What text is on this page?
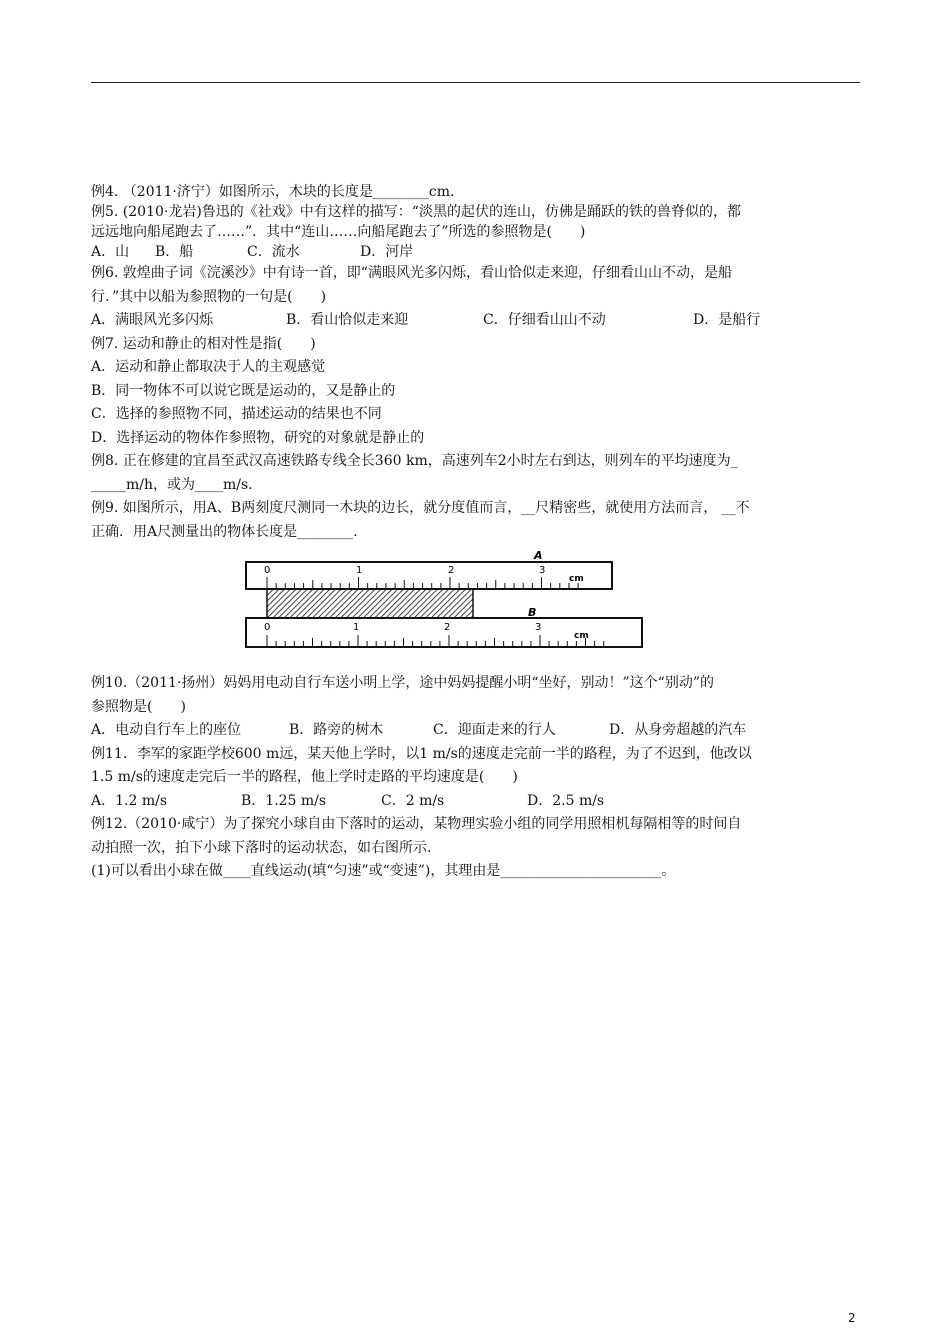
例4. （2011·济宁）如图所示，木块的长度是________cm.
例5. (2010·龙岩)鲁迅的《社戏》中有这样的描写：“淡黑的起伏的连山，仿佛是踊跃的铁的兽脊似的，都
远远地向船尾跑去了……”．其中“连山……向船尾跑去了”所选的参照物是(　　)
A．山 B．船	C．流水	D．河岸
例6. 敦煌曲子词《浣溪沙》中有诗一首，即“满眼风光多闪烁，看山恰似走来迎，仔细看山山不动，是船
行．”其中以船为参照物的一句是(　　)
A．满眼风光多闪烁	B．看山恰似走来迎	C．仔细看山山不动	D．是船行
例7. 运动和静止的相对性是指(　　)
A．运动和静止都取决于人的主观感觉
B．同一物体不可以说它既是运动的，又是静止的
C．选择的参照物不同，描述运动的结果也不同
D．选择运动的物体作参照物，研究的对象就是静止的
例8. 正在修建的宜昌至武汉高速铁路专线全长360 km，高速列车2小时左右到达，则列车的平均速度为_
_____m/h，或为____m/s.
例9. 如图所示，用A、B两刻度尺测同一木块的边长，就分度值而言，__尺精密些，就使用方法而言， __不
正确．用A尺测量出的物体长度是________.
A
cm
0	1	2	3
B
cm
0	1	2	3
例10.（2011·扬州）妈妈用电动自行车送小明上学，途中妈妈提醒小明“坐好，别动！”这个“别动”的
参照物是(　　)
A．电动自行车上的座位	B．路旁的树木	C．迎面走来的行人	D．从身旁超越的汽车
例11．李军的家距学校600 m远，某天他上学时，以1 m/s的速度走完前一半的路程，为了不迟到，他改以
1.5 m/s的速度走完后一半的路程，他上学时走路的平均速度是(　　)
A．1.2 m/s	B．1.25 m/s	C．2 m/s	D．2.5 m/s
例12.（2010·咸宁）为了探究小球自由下落时的运动，某物理实验小组的同学用照相机每隔相等的时间自
动拍照一次，拍下小球下落时的运动状态，如右图所示.
(1)可以看出小球在做____直线运动(填“匀速”或“变速”)，其理由是_______________________。
2
